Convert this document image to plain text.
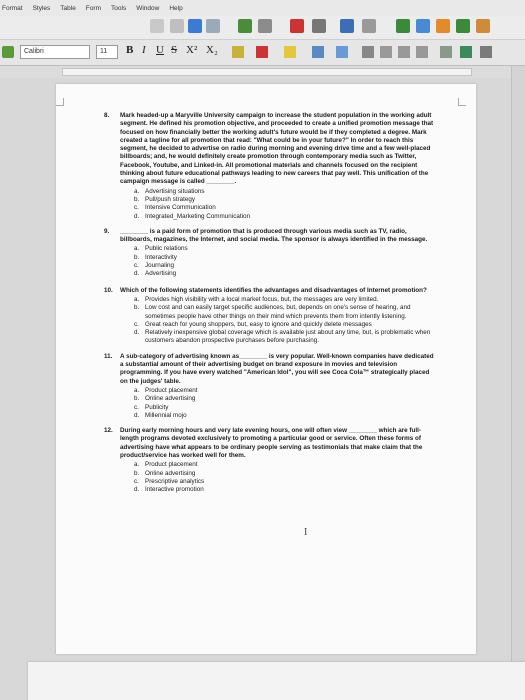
Format Styles Table Form Tools Window Help
Calibri	11	B I U S X² X₂
8. Mark headed-up a Maryville University campaign to increase the student population in the working adult segment. He defined his promotion objective, and proceeded to create a unified promotion message that focused on how financially better the working adult's future would be if they completed a degree. Mark created a tagline for all promotion that read: "What could be in your future?" In order to reach this segment, he decided to advertise on radio during morning and evening drive time and a few well-placed billboards; and, he would definitely create promotion through contemporary media such as Twitter, Facebook, Youtube, and Linked-in. All promotional materials and channels focused on the recipient thinking about future educational pathways leading to new careers that pay well. This unification of the campaign message is called ________.
a. Advertising situations
b. Pull/push strategy
c. Intensive Communication
d. Integrated_Marketing Communication
9. ________ is a paid form of promotion that is produced through various media such as TV, radio, billboards, magazines, the Internet, and social media. The sponsor is always identified in the message.
a. Public relations
b. Interactivity
c. Journaling
d. Advertising
10. Which of the following statements identifies the advantages and disadvantages of Internet promotion?
a. Provides high visibility with a local market focus, but, the messages are very limited.
b. Low cost and can easily target specific audiences, but, depends on one's sense of hearing, and sometimes people have other things on their mind which prevents them from intently listening.
c. Great reach for young shoppers, but, easy to ignore and quickly delete messages
d. Relatively inexpensive global coverage which is available just about any time, but, is problematic when customers abandon prospective purchases before purchasing.
11. A sub-category of advertising known as________ is very popular. Well-known companies have dedicated a substantial amount of their advertising budget on brand exposure in movies and television programming. If you have every watched "American Idol", you will see Coca Cola™ strategically placed on the judges' table.
a. Product placement
b. Online advertising
c. Publicity
d. Millennial mojo
12. During early morning hours and very late evening hours, one will often view ________ which are full-length programs devoted exclusively to promoting a particular good or service. Often these forms of advertising have what appears to be ordinary people serving as testimonials that make claim that the product/service has worked well for them.
a. Product placement
b. Online advertising
c. Prescriptive analytics
d. Interactive promotion
I
